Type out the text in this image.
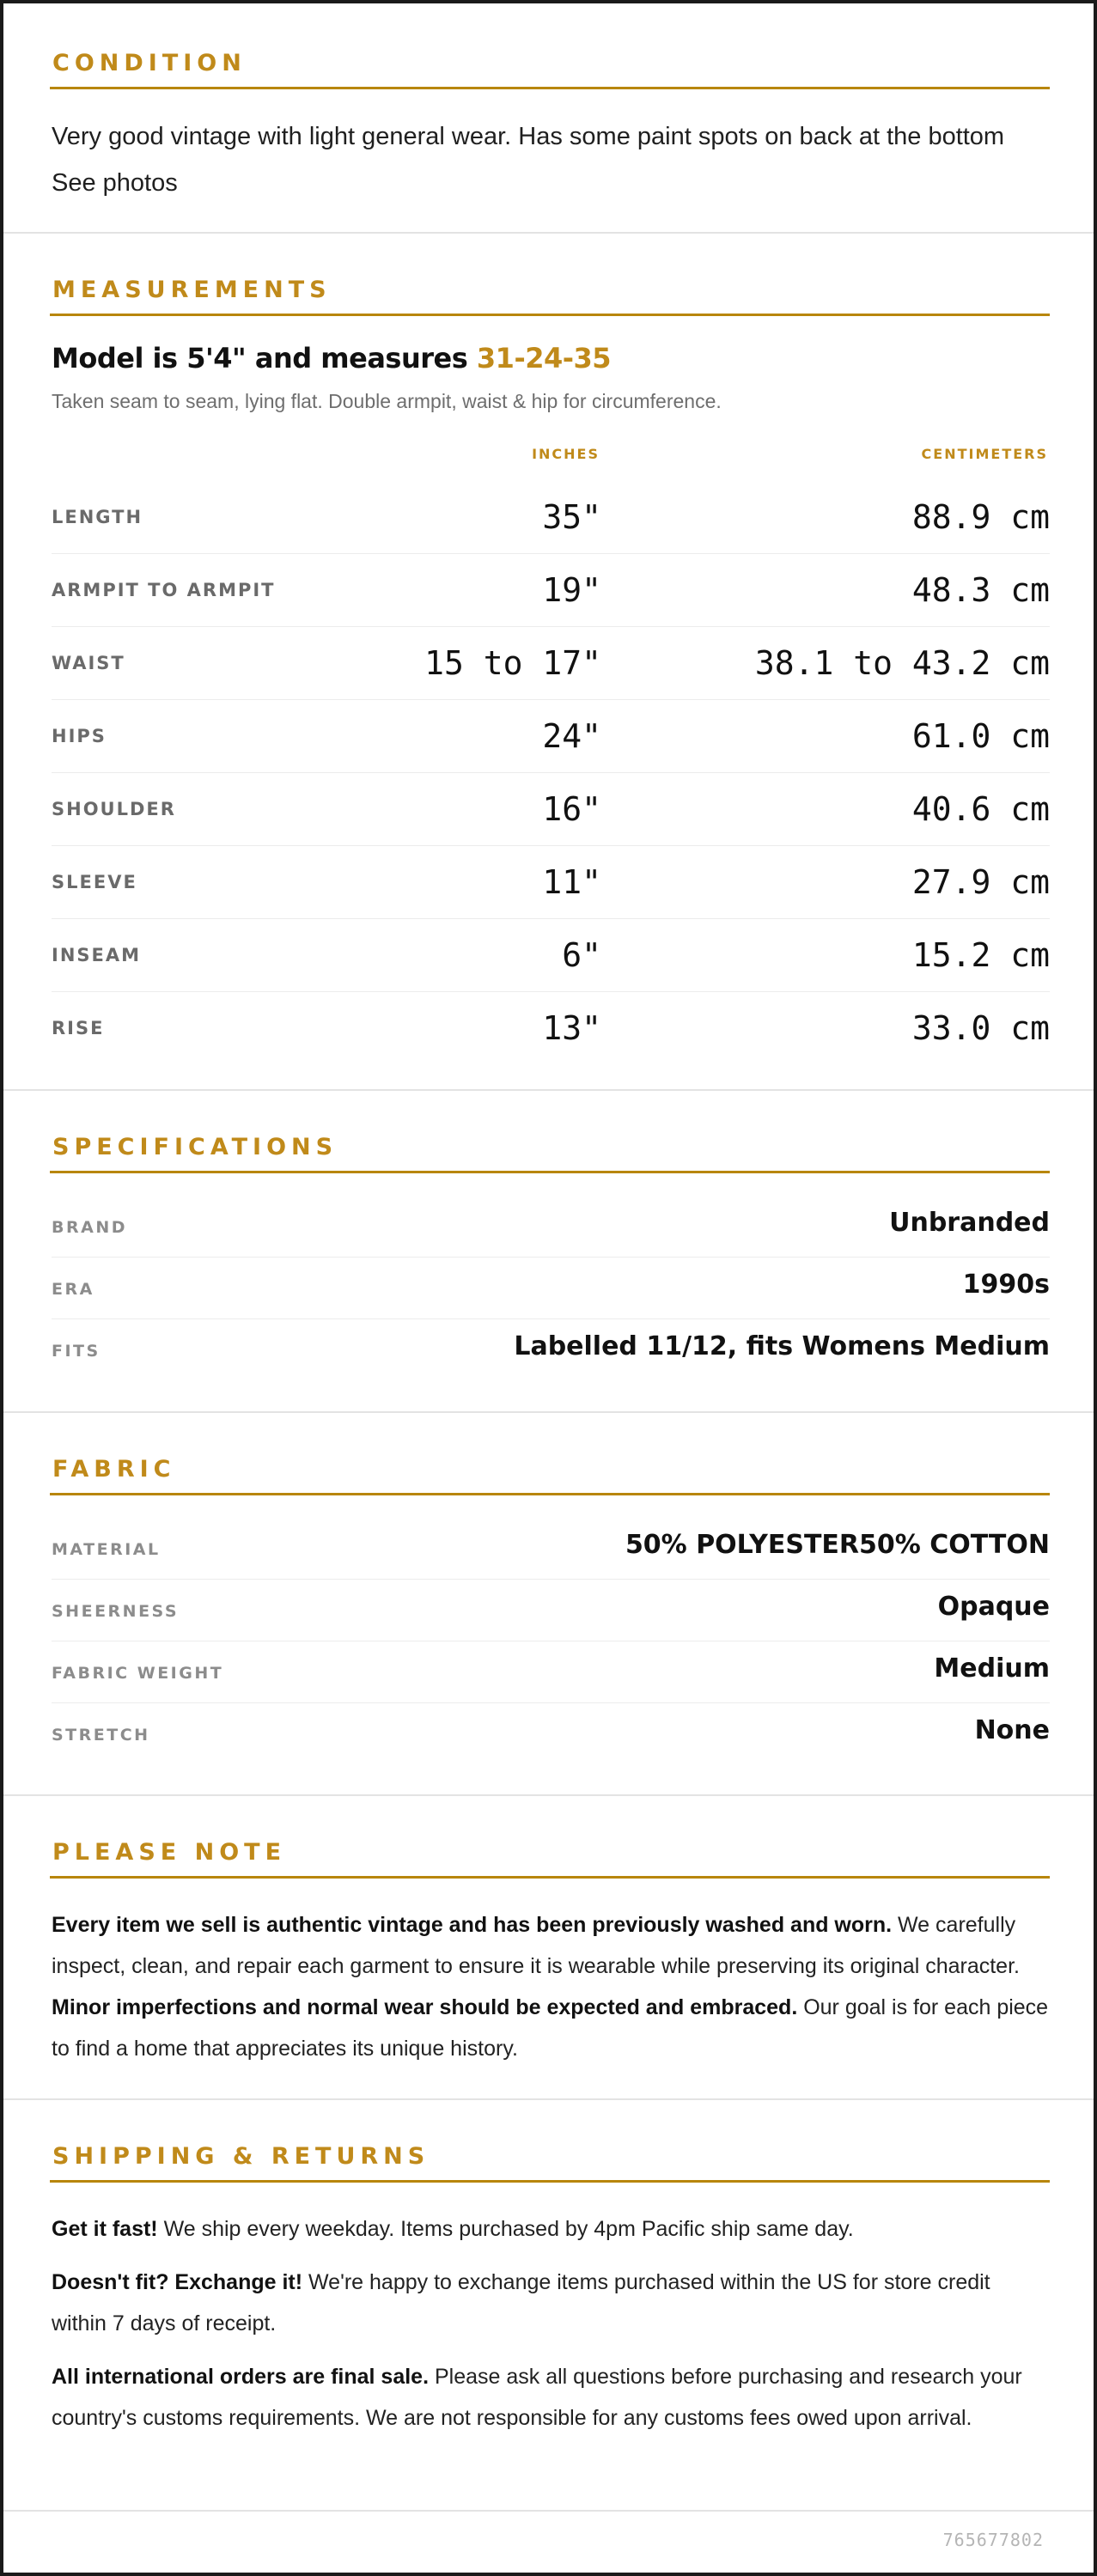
CONDITION
Very good vintage with light general wear. Has some paint spots on back at the bottom See photos
MEASUREMENTS
Model is 5'4" and measures 31-24-35
Taken seam to seam, lying flat. Double armpit, waist & hip for circumference.
INCHES	CENTIMETERS
LENGTH	35"	88.9 cm
ARMPIT TO ARMPIT	19"	48.3 cm
WAIST	15 to 17"	38.1 to 43.2 cm
HIPS	24"	61.0 cm
SHOULDER	16"	40.6 cm
SLEEVE	11"	27.9 cm
INSEAM	6"	15.2 cm
RISE	13"	33.0 cm
SPECIFICATIONS
BRAND	Unbranded
ERA	1990s
FITS	Labelled 11/12, fits Womens Medium
FABRIC
MATERIAL	50% POLYESTER50% COTTON
SHEERNESS	Opaque
FABRIC WEIGHT	Medium
STRETCH	None
PLEASE NOTE
Every item we sell is authentic vintage and has been previously washed and worn. We carefully inspect, clean, and repair each garment to ensure it is wearable while preserving its original character. Minor imperfections and normal wear should be expected and embraced. Our goal is for each piece to find a home that appreciates its unique history.
SHIPPING & RETURNS
Get it fast! We ship every weekday. Items purchased by 4pm Pacific ship same day.
Doesn't fit? Exchange it! We're happy to exchange items purchased within the US for store credit within 7 days of receipt.
All international orders are final sale. Please ask all questions before purchasing and research your country's customs requirements. We are not responsible for any customs fees owed upon arrival.
765677802
